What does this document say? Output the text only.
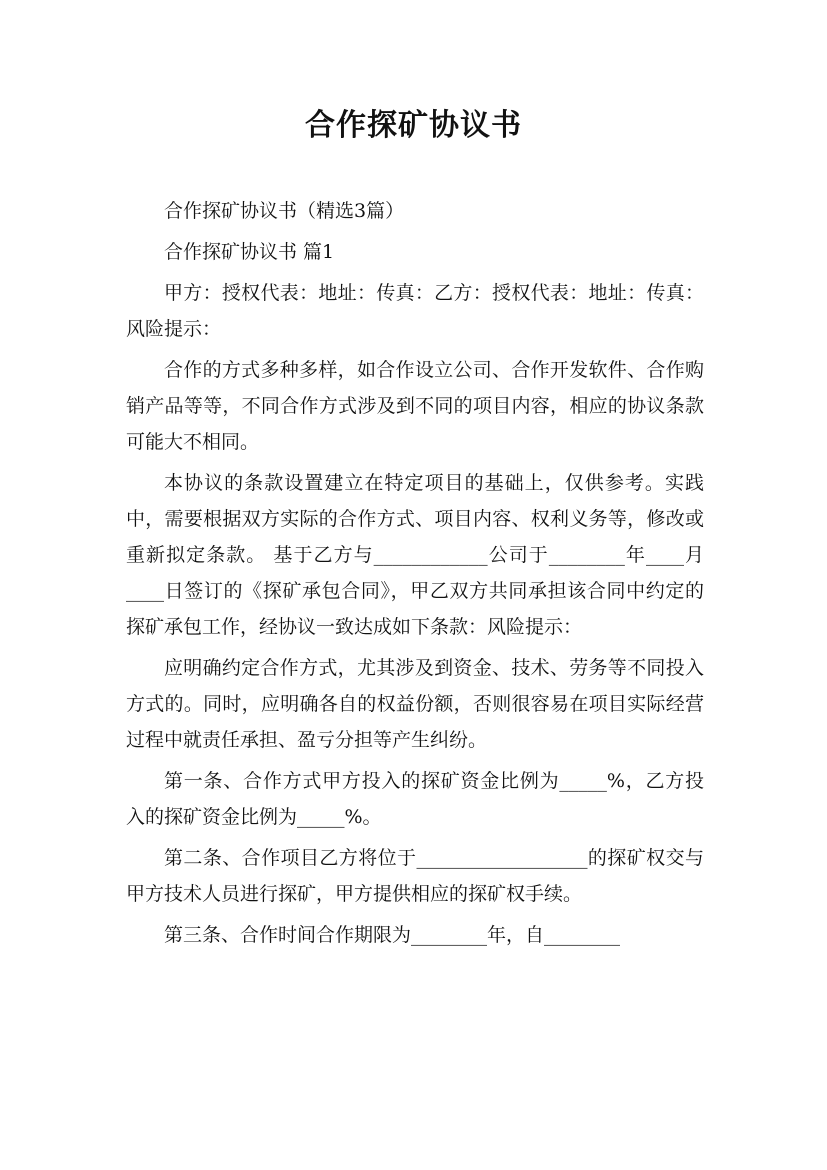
合作探矿协议书

合作探矿协议书（精选3篇）

合作探矿协议书 篇1

甲方：授权代表：地址：传真：乙方：授权代表：地址：传真：风险提示：

合作的方式多种多样，如合作设立公司、合作开发软件、合作购销产品等等，不同合作方式涉及到不同的项目内容，相应的协议条款可能大不相同。

本协议的条款设置建立在特定项目的基础上，仅供参考。实践中，需要根据双方实际的合作方式、项目内容、权利义务等，修改或重新拟定条款。 基于乙方与____________公司于________年____月____日签订的《探矿承包合同》，甲乙双方共同承担该合同中约定的探矿承包工作，经协议一致达成如下条款：风险提示：

应明确约定合作方式，尤其涉及到资金、技术、劳务等不同投入方式的。同时，应明确各自的权益份额，否则很容易在项目实际经营过程中就责任承担、盈亏分担等产生纠纷。

第一条、合作方式甲方投入的探矿资金比例为_____%，乙方投入的探矿资金比例为_____%。

第二条、合作项目乙方将位于__________________的探矿权交与甲方技术人员进行探矿，甲方提供相应的探矿权手续。

第三条、合作时间合作期限为________年，自________
